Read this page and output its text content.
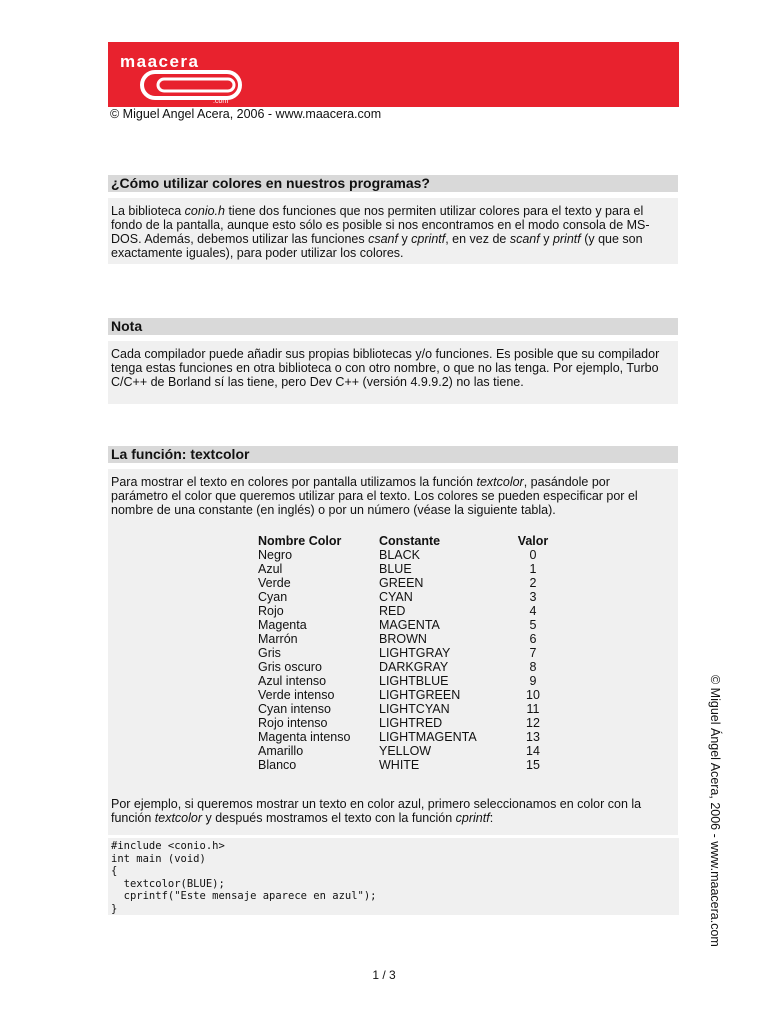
maacera
.com
© Miguel Angel Acera, 2006 - www.maacera.com
¿Cómo utilizar colores en nuestros programas?

La biblioteca conio.h tiene dos funciones que nos permiten utilizar colores para el texto y para el fondo de la pantalla, aunque esto sólo es posible si nos encontramos en el modo consola de MS-DOS. Además, debemos utilizar las funciones csanf y cprintf, en vez de scanf y printf (y que son exactamente iguales), para poder utilizar los colores.

Nota

Cada compilador puede añadir sus propias bibliotecas y/o funciones. Es posible que su compilador tenga estas funciones en otra biblioteca o con otro nombre, o que no las tenga. Por ejemplo, Turbo C/C++ de Borland sí las tiene, pero Dev C++ (versión 4.9.9.2) no las tiene.

La función: textcolor

Para mostrar el texto en colores por pantalla utilizamos la función textcolor, pasándole por parámetro el color que queremos utilizar para el texto. Los colores se pueden especificar por el nombre de una constante (en inglés) o por un número (véase la siguiente tabla).

Por ejemplo, si queremos mostrar un texto en color azul, primero seleccionamos en color con la función textcolor y después mostramos el texto con la función cprintf:

Nombre Color	Constante	Valor
Negro	BLACK	0
Azul	BLUE	1
Verde	GREEN	2
Cyan	CYAN	3
Rojo	RED	4
Magenta	MAGENTA	5
Marrón	BROWN	6
Gris	LIGHTGRAY	7
Gris oscuro	DARKGRAY	8
Azul intenso	LIGHTBLUE	9
Verde intenso	LIGHTGREEN	10
Cyan intenso	LIGHTCYAN	11
Rojo intenso	LIGHTRED	12
Magenta intenso	LIGHTMAGENTA	13
Amarillo	YELLOW	14
Blanco	WHITE	15
#include <conio.h>
int main (void)
{
textcolor(BLUE);
cprintf("Este mensaje aparece en azul");
}
1 / 3
© Miguel Ángel Acera, 2006 - www.maacera.com
